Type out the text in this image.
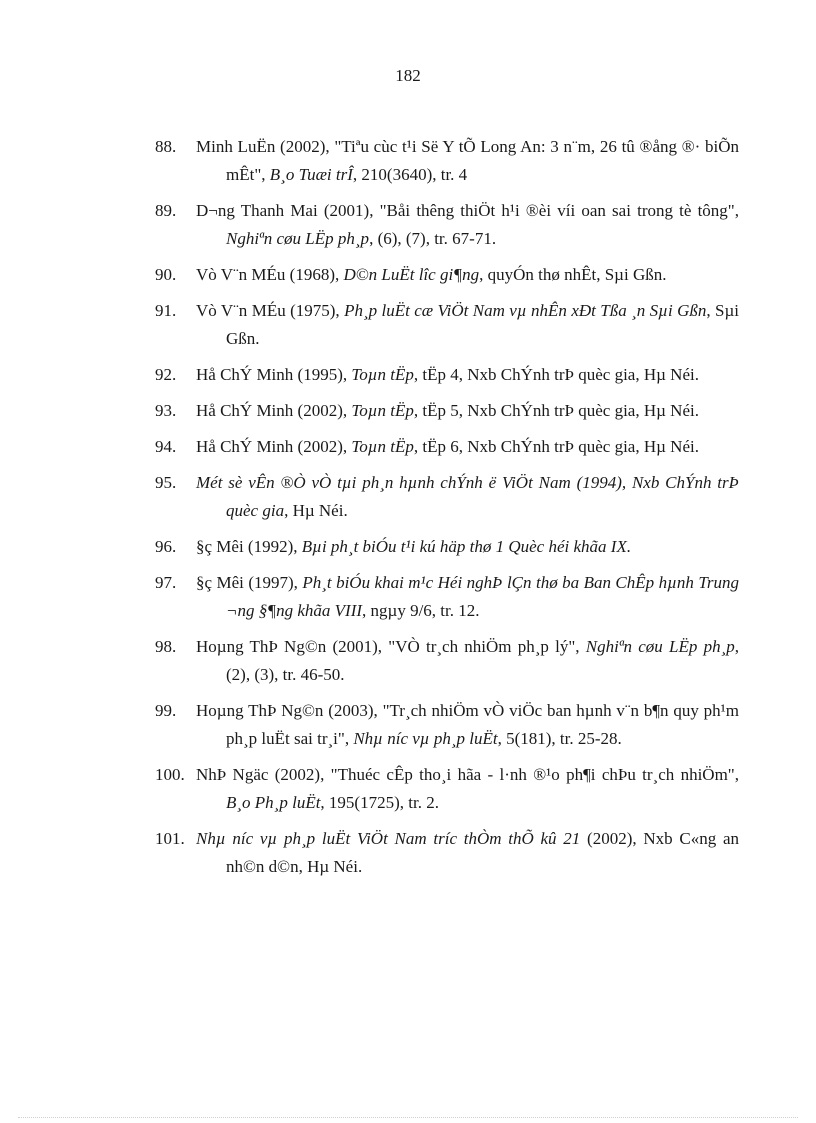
182
88. Minh LuËn (2002), "Tiªu cùc t¹i Së Y tÕ Long An: 3 n¨m, 26 tû ®ång ®· biÕn mÊt", B¸o Tuæi trÎ, 210(3640), tr. 4
89. D¬ng Thanh Mai (2001), "Båi thêng thiÖt h¹i ®èi víi oan sai trong tè tông", Nghiªn cøu LËp ph¸p, (6), (7), tr. 67-71.
90. Vò V¨n MÉu (1968), D©n LuËt lîc gi¶ng, quyÓn thø nhÊt, Sµi Gßn.
91. Vò V¨n MÉu (1975), Ph¸p luËt cæ ViÖt Nam vµ nhÊn xÐt Tßa ¸n Sµi Gßn, Sµi Gßn.
92. Hå ChÝ Minh (1995), Toµn tËp, tËp 4, Nxb ChÝnh trÞ quèc gia, Hµ Néi.
93. Hå ChÝ Minh (2002), Toµn tËp, tËp 5, Nxb ChÝnh trÞ quèc gia, Hµ Néi.
94. Hå ChÝ Minh (2002), Toµn tËp, tËp 6, Nxb ChÝnh trÞ quèc gia, Hµ Néi.
95. Mét sè vÊn ®Ò vÒ tµi ph¸n hµnh chÝnh ë ViÖt Nam (1994), Nxb ChÝnh trÞ quèc gia, Hµ Néi.
96. §ç Mêi (1992), Bµi ph¸t biÓu t¹i kú häp thø 1 Quèc héi khãa IX.
97. §ç Mêi (1997), Ph¸t biÓu khai m¹c Héi nghÞ lÇn thø ba Ban ChÊp hµnh Trung ¬ng §¶ng khãa VIII, ngµy 9/6, tr. 12.
98. Hoµng ThÞ Ng©n (2001), "VÒ tr¸ch nhiÖm ph¸p lý", Nghiªn cøu LËp ph¸p, (2), (3), tr. 46-50.
99. Hoµng ThÞ Ng©n (2003), "Tr¸ch nhiÖm vÒ viÖc ban hµnh v¨n b¶n quy ph¹m ph¸p luËt sai tr¸i", Nhµ níc vµ ph¸p luËt, 5(181), tr. 25-28.
100. NhÞ Ngäc (2002), "Thuéc cÊp tho¸i hãa - l·nh ®¹o ph¶i chÞu tr¸ch nhiÖm", B¸o Ph¸p luËt, 195(1725), tr. 2.
101. Nhµ níc vµ ph¸p luËt ViÖt Nam tríc thÒm thÕ kû 21 (2002), Nxb C«ng an nh©n d©n, Hµ Néi.
